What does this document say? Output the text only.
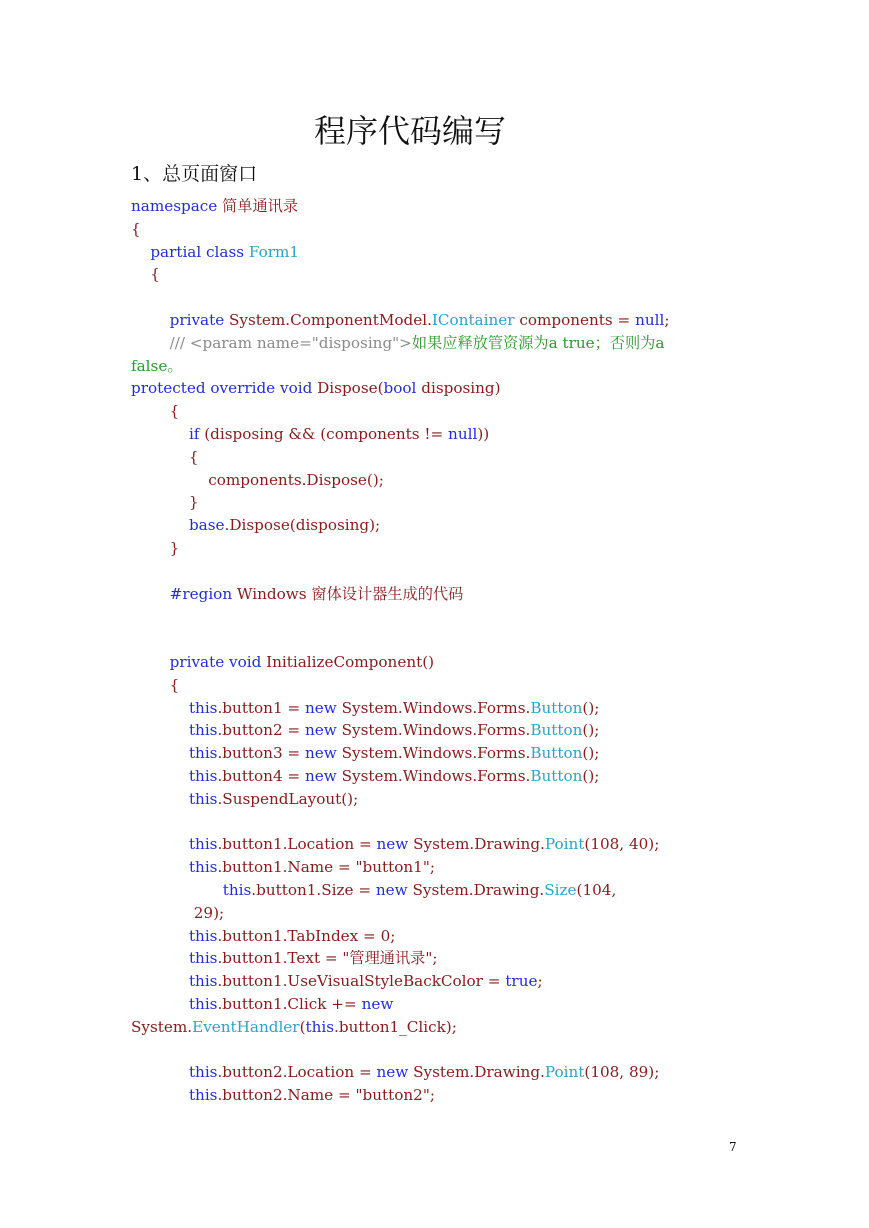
程序代码编写
1、总页面窗口
namespace 简单通讯录
{
partial class Form1
{
private System.ComponentModel.IContainer components = null;
/// <param name="disposing">如果应释放管资源为a true；否则为a
false。
protected override void Dispose(bool disposing)
{
if (disposing && (components != null))
{
components.Dispose();
}
base.Dispose(disposing);
}
#region Windows 窗体设计器生成的代码
private void InitializeComponent()
{
this.button1 = new System.Windows.Forms.Button();
this.button2 = new System.Windows.Forms.Button();
this.button3 = new System.Windows.Forms.Button();
this.button4 = new System.Windows.Forms.Button();
this.SuspendLayout();
this.button1.Location = new System.Drawing.Point(108, 40);
this.button1.Name = "button1";
this.button1.Size = new System.Drawing.Size(104,
29);
this.button1.TabIndex = 0;
this.button1.Text = "管理通讯录";
this.button1.UseVisualStyleBackColor = true;
this.button1.Click += new
System.EventHandler(this.button1_Click);
this.button2.Location = new System.Drawing.Point(108, 89);
this.button2.Name = "button2";
7
